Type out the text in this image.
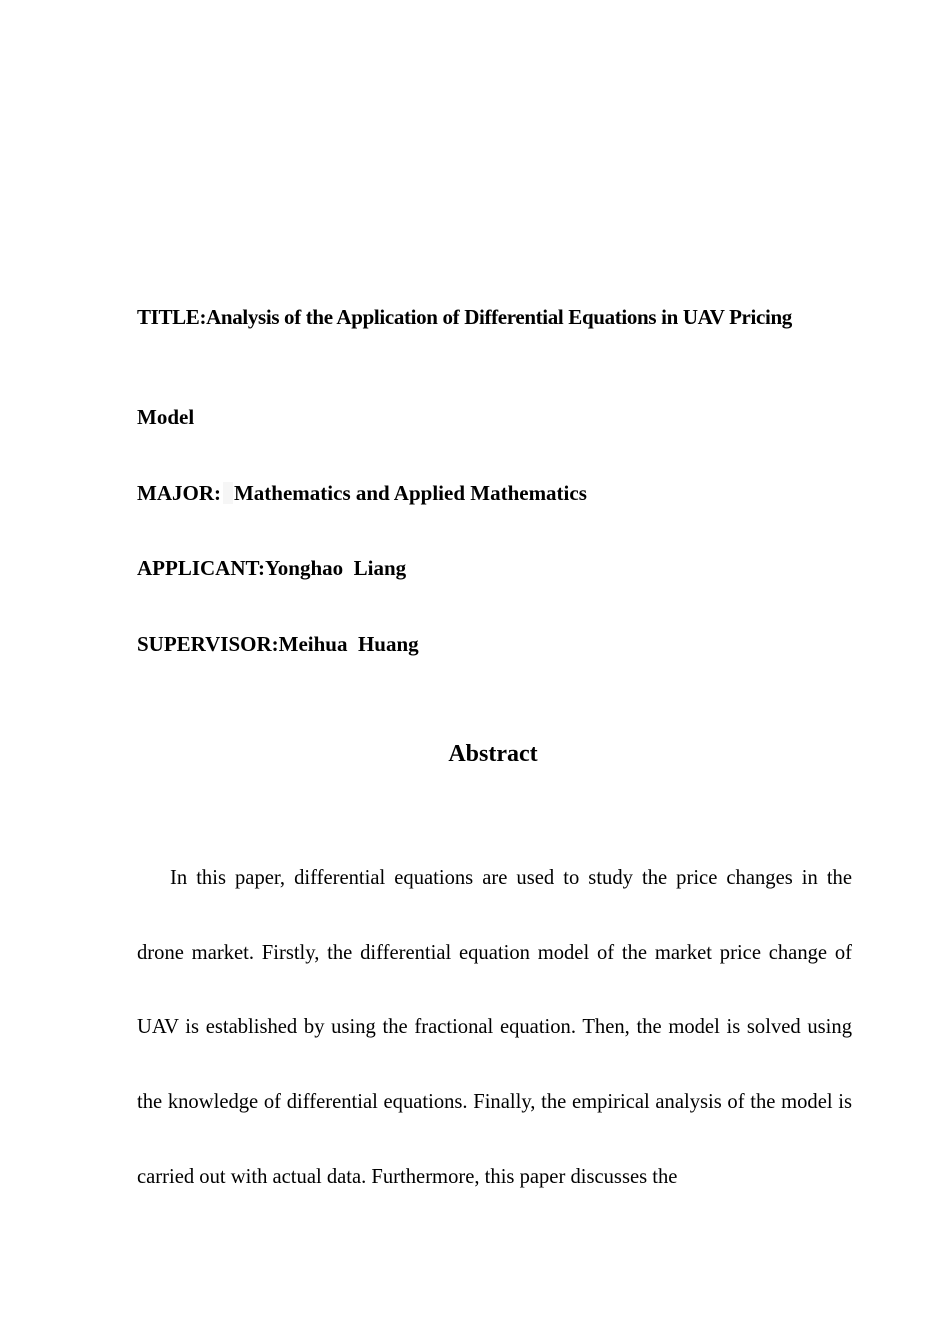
TITLE:Analysis of the Application of Differential Equations in UAV Pricing
Model
MAJOR: Mathematics and Applied Mathematics
APPLICANT:Yonghao  Liang
SUPERVISOR:Meihua  Huang
Abstract

In this paper, differential equations are used to study the price changes in the drone market. Firstly, the differential equation model of the market price change of UAV is established by using the fractional equation. Then, the model is solved using the knowledge of differential equations. Finally, the empirical analysis of the model is carried out with actual data. Furthermore, this paper discusses the
